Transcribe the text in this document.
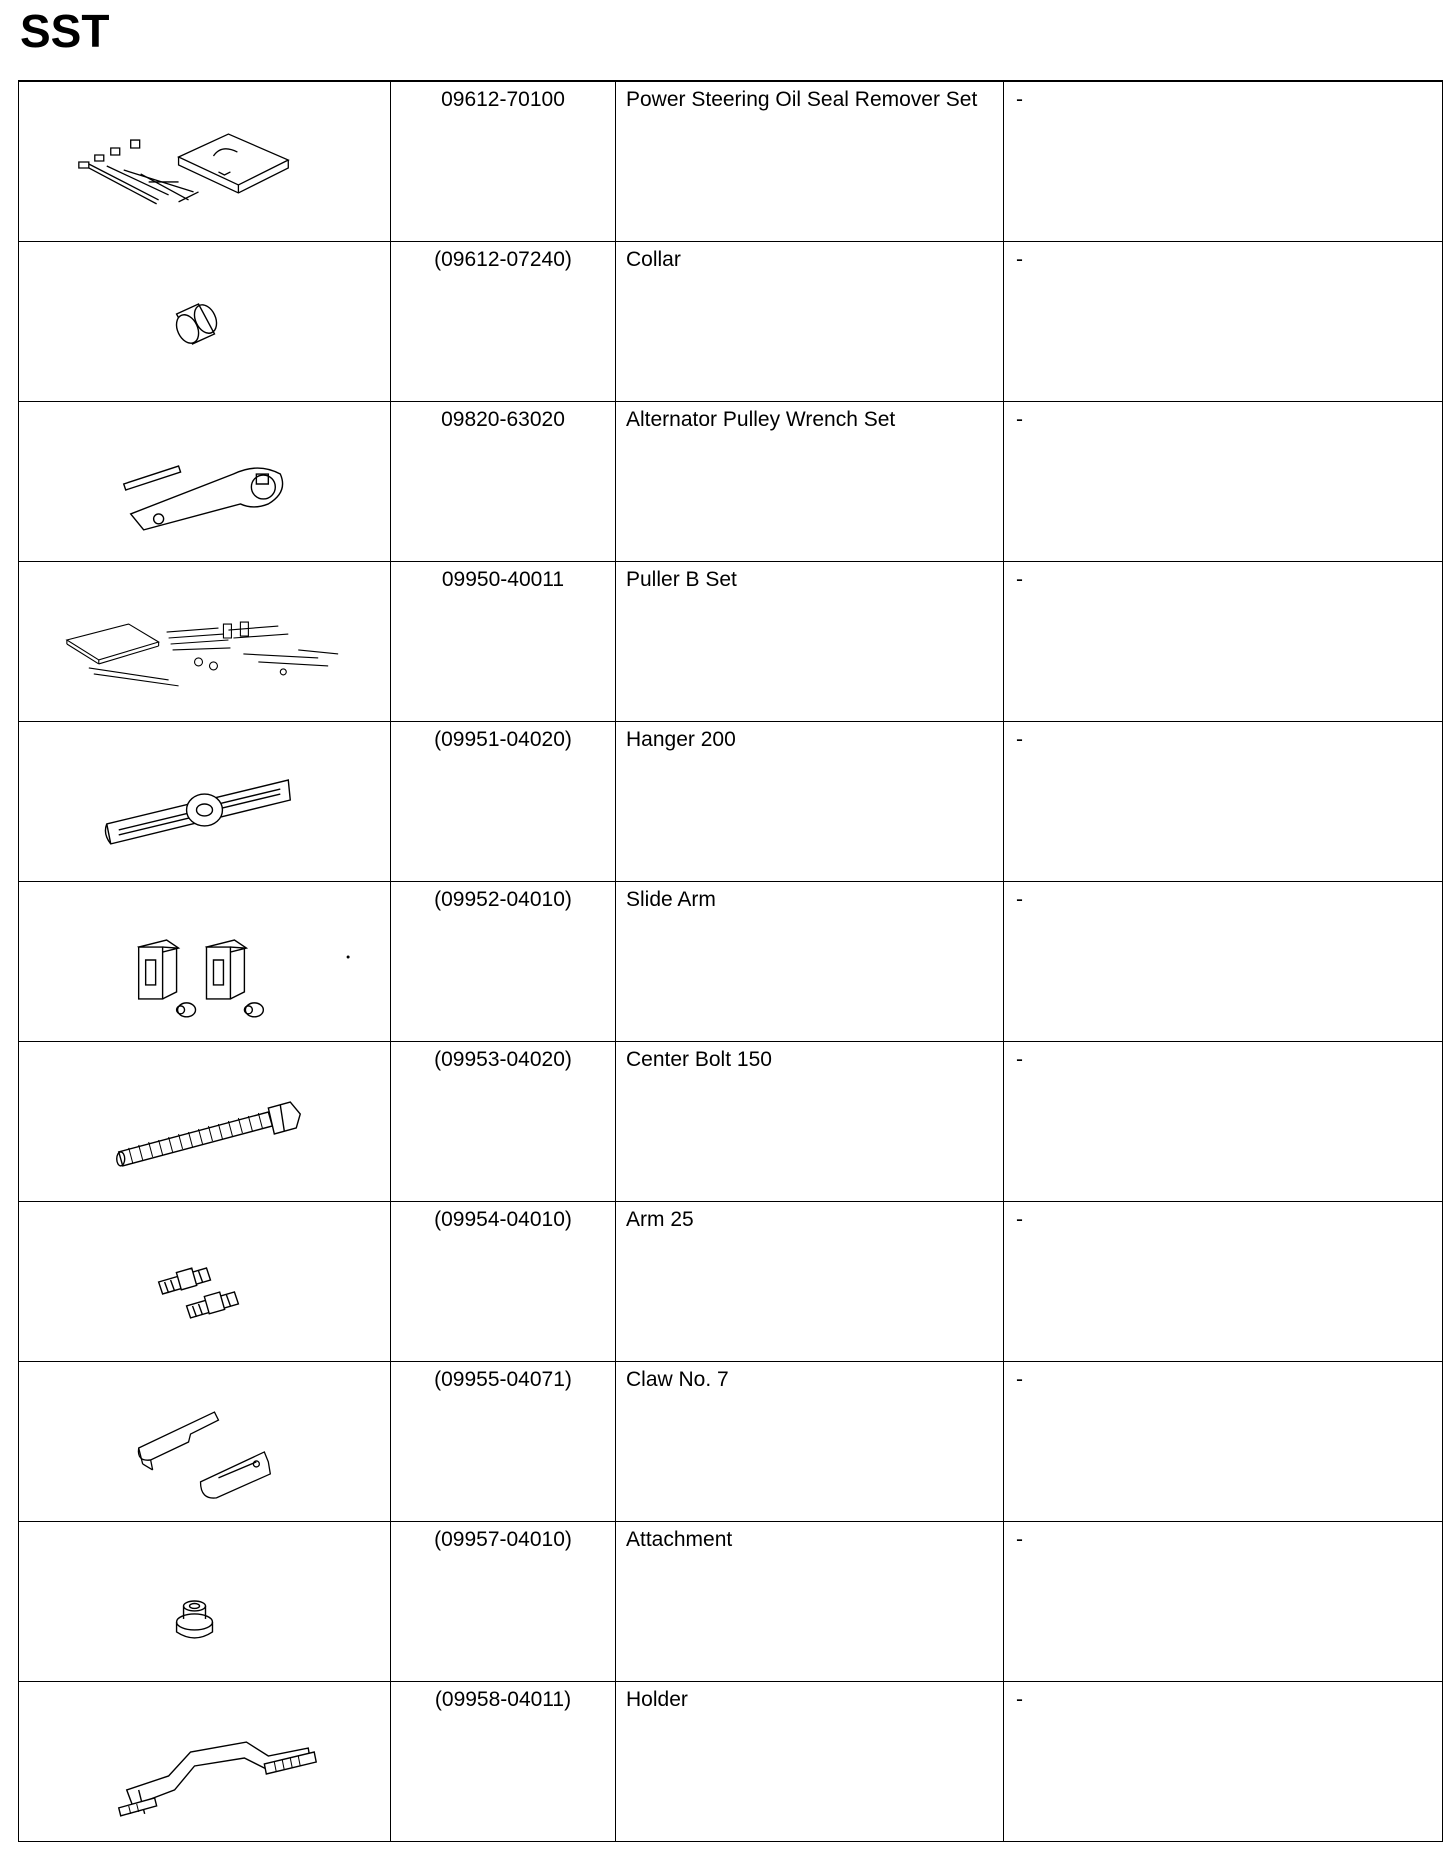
SST
	09612-70100	Power Steering Oil Seal Remover Set	-

	(09612-07240)	Collar	-

	09820-63020	Alternator Pulley Wrench Set	-

	09950-40011	Puller B Set	-

	(09951-04020)	Hanger 200	-

	(09952-04010)	Slide Arm	-

	(09953-04020)	Center Bolt 150	-

	(09954-04010)	Arm 25	-

	(09955-04071)	Claw No. 7	-

	(09957-04010)	Attachment	-

	(09958-04011)	Holder	-
